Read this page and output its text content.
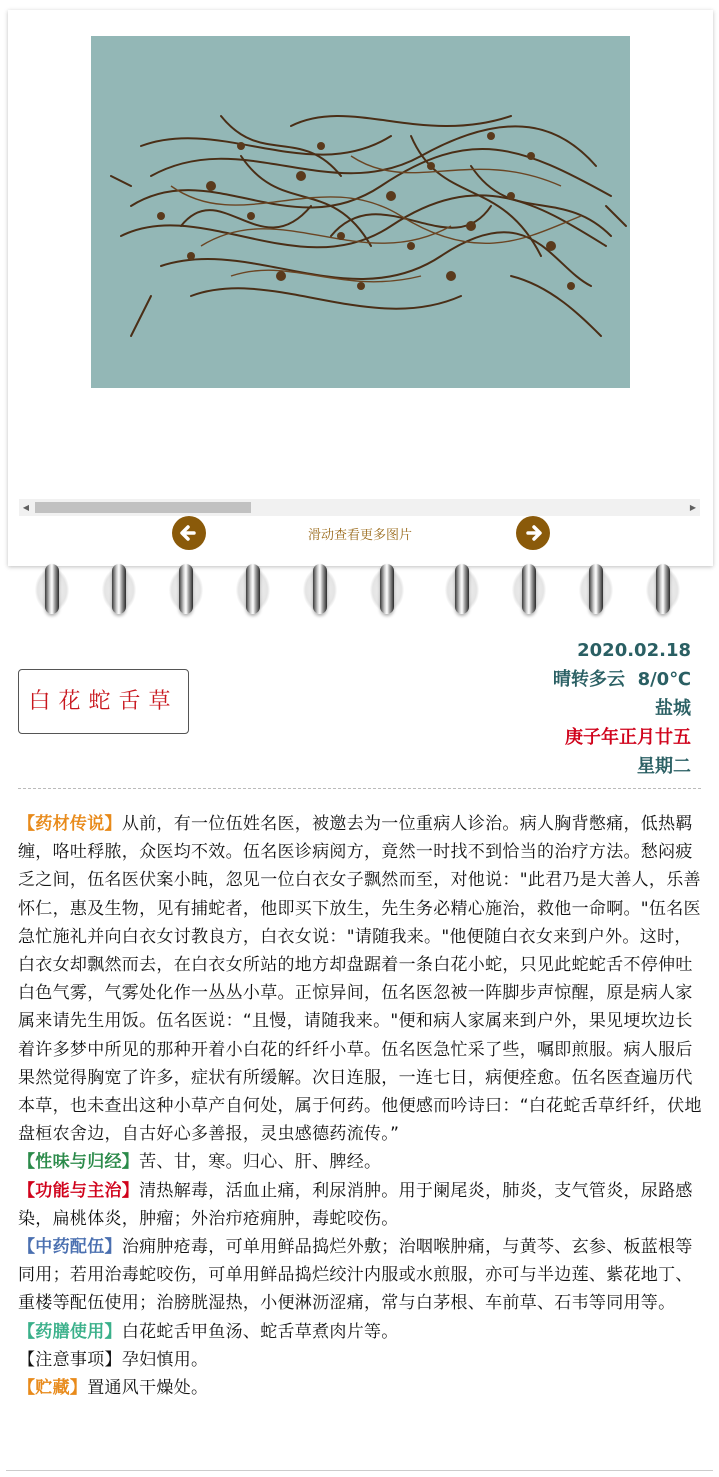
◀	▶
滑动查看更多图片
白花蛇舌草
2020.02.18
晴转多云  8/0℃
盐城
庚子年正月廿五
星期二

【药材传说】从前，有一位伍姓名医，被邀去为一位重病人诊治。病人胸背憋痛，低热羁缠，咯吐稃脓，众医均不效。伍名医诊病阅方，竟然一时找不到恰当的治疗方法。愁闷疲乏之间，伍名医伏案小盹，忽见一位白衣女子飘然而至，对他说："此君乃是大善人，乐善怀仁，惠及生物，见有捕蛇者，他即买下放生，先生务必精心施治，救他一命啊。"伍名医急忙施礼并向白衣女讨教良方，白衣女说："请随我来。"他便随白衣女来到户外。这时，白衣女却飘然而去，在白衣女所站的地方却盘踞着一条白花小蛇，只见此蛇蛇舌不停伸吐白色气雾，气雾处化作一丛丛小草。正惊异间，伍名医忽被一阵脚步声惊醒，原是病人家属来请先生用饭。伍名医说：“且慢，请随我来。"便和病人家属来到户外，果见埂坎边长着许多梦中所见的那种开着小白花的纤纤小草。伍名医急忙采了些，嘱即煎服。病人服后果然觉得胸宽了许多，症状有所缓解。次日连服，一连七日，病便痊愈。伍名医查遍历代本草，也未查出这种小草产自何处，属于何药。他便感而吟诗曰：“白花蛇舌草纤纤，伏地盘桓农舍边，自古好心多善报，灵虫感德药流传。”

【性味与归经】苦、甘，寒。归心、肝、脾经。

【功能与主治】清热解毒，活血止痛，利尿消肿。用于阑尾炎，肺炎，支气管炎，尿路感染，扁桃体炎，肿瘤；外治疖疮痈肿，毒蛇咬伤。

【中药配伍】治痈肿疮毒，可单用鲜品捣烂外敷；治咽喉肿痛，与黄芩、玄参、板蓝根等同用；若用治毒蛇咬伤，可单用鲜品捣烂绞汁内服或水煎服，亦可与半边莲、紫花地丁、重楼等配伍使用；治膀胱湿热，小便淋沥涩痛，常与白茅根、车前草、石韦等同用等。

【药膳使用】白花蛇舌甲鱼汤、蛇舌草煮肉片等。

【注意事项】孕妇慎用。

【贮藏】置通风干燥处。
